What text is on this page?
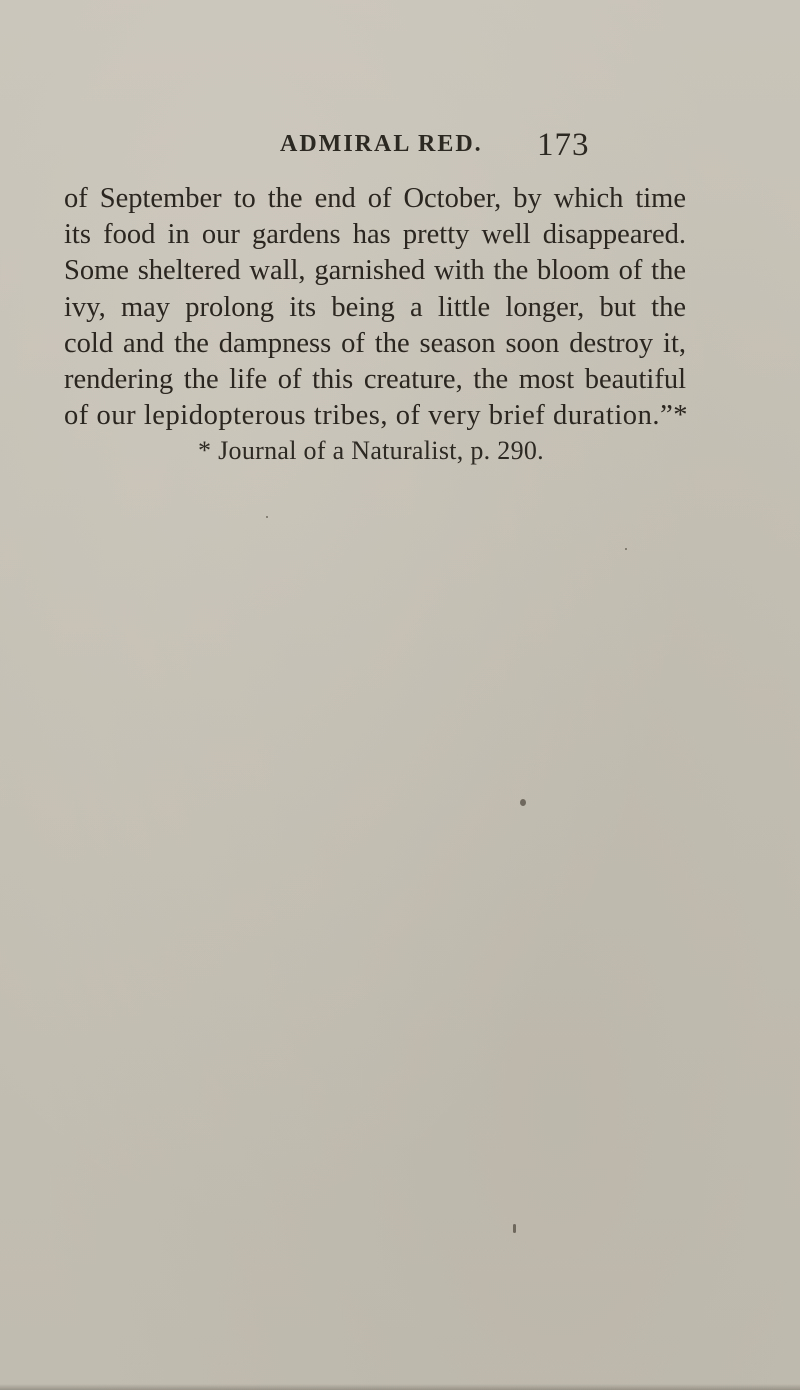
ADMIRAL RED. 173
of September to the end of October, by which time
its food in our gardens has pretty well disappeared.
Some sheltered wall, garnished with the bloom of the
ivy, may prolong its being a little longer, but the
cold and the dampness of the season soon destroy it,
rendering the life of this creature, the most beautiful
of our lepidopterous tribes, of very brief duration.”*
* Journal of a Naturalist, p. 290.
